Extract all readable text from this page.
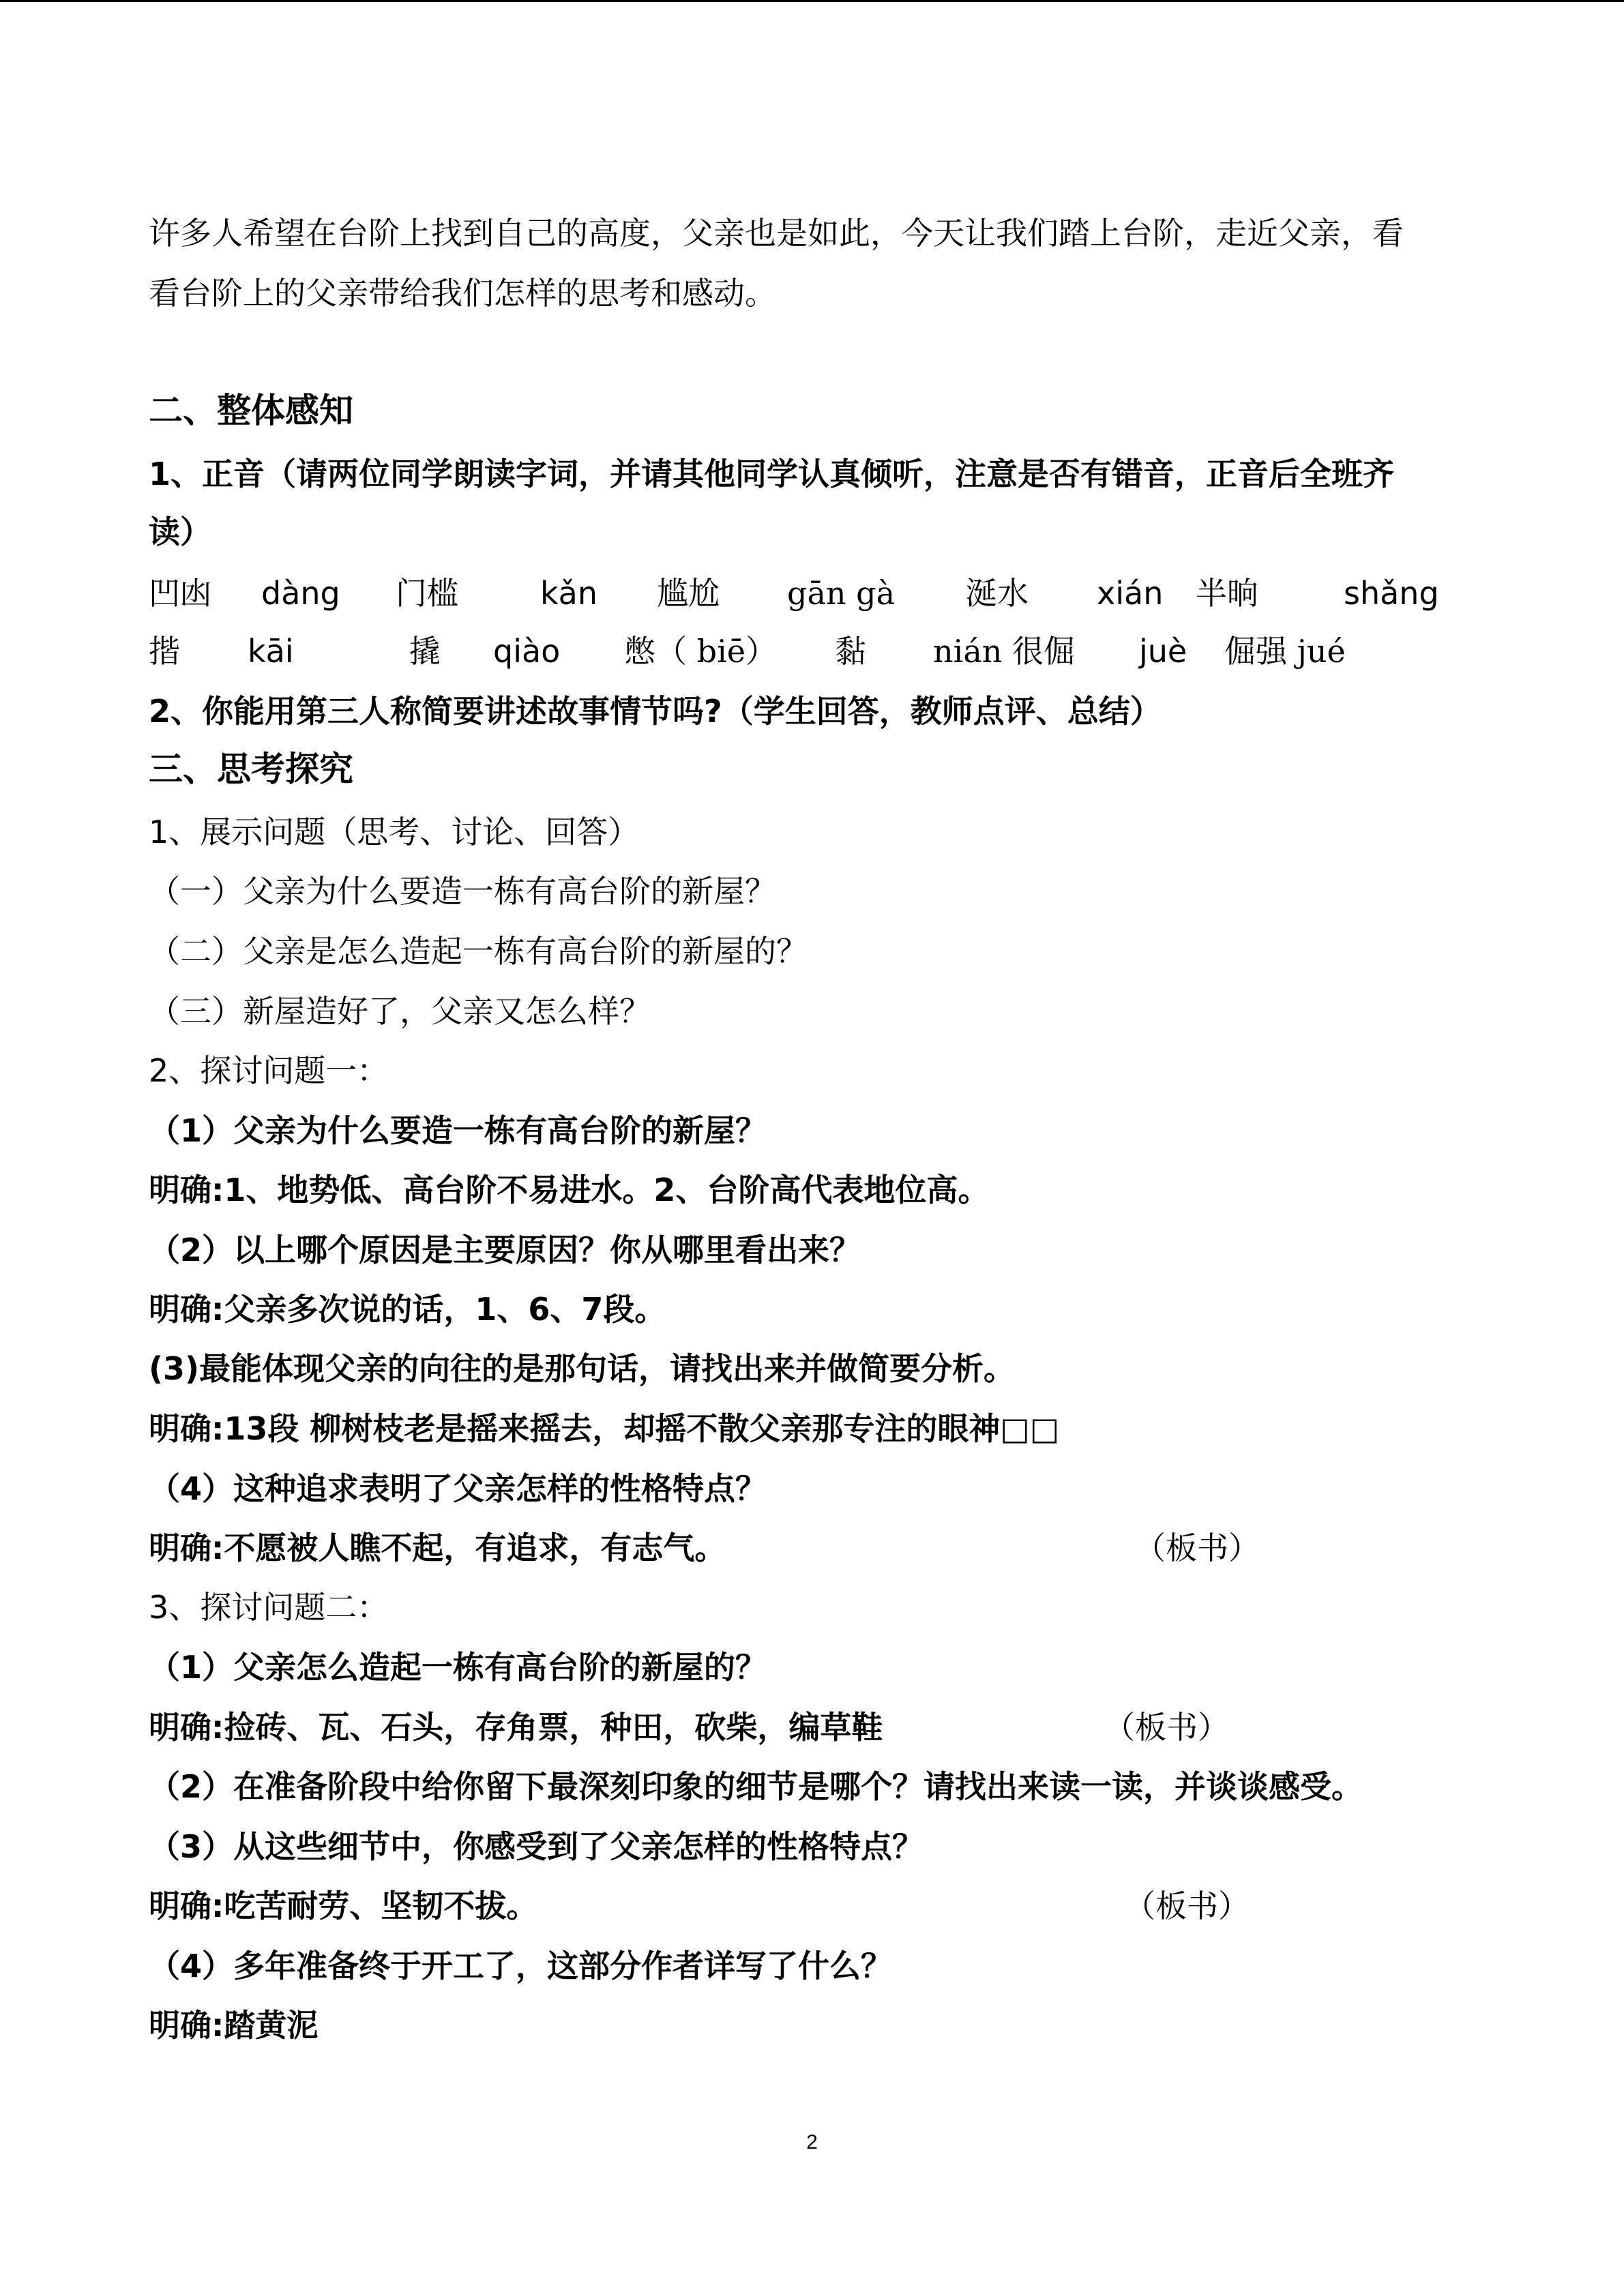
许多人希望在台阶上找到自己的高度，父亲也是如此，今天让我们踏上台阶，走近父亲，看
看台阶上的父亲带给我们怎样的思考和感动。
二、整体感知
1、正音（请两位同学朗读字词，并请其他同学认真倾听，注意是否有错音，正音后全班齐
读）
凹凼 dàng 门槛	kǎn 尴尬 gān gà 涎水 xián 半晌	shǎng
揩 kāi	撬 qiào 憋（ biē） 黏 nián 很倔 juè 倔强 jué
2、你能用第三人称简要讲述故事情节吗?（学生回答，教师点评、总结）
三、思考探究
1、展示问题（思考、讨论、回答）
（一）父亲为什么要造一栋有高台阶的新屋？
（二）父亲是怎么造起一栋有高台阶的新屋的？
（三）新屋造好了，父亲又怎么样？
2、探讨问题一：
（1）父亲为什么要造一栋有高台阶的新屋？
明确:1、地势低、高台阶不易进水。2、台阶高代表地位高。
（2）以上哪个原因是主要原因？你从哪里看出来？
明确:父亲多次说的话，1、6、7段。
(3)最能体现父亲的向往的是那句话，请找出来并做简要分析。
明确:13段 柳树枝老是摇来摇去，却摇不散父亲那专注的眼神□□
（4）这种追求表明了父亲怎样的性格特点？
明确:不愿被人瞧不起，有追求，有志气。	（板书）
3、探讨问题二：
（1）父亲怎么造起一栋有高台阶的新屋的？
明确:捡砖、瓦、石头，存角票，种田，砍柴，编草鞋	（板书）
（2）在准备阶段中给你留下最深刻印象的细节是哪个？请找出来读一读，并谈谈感受。
（3）从这些细节中，你感受到了父亲怎样的性格特点？
明确:吃苦耐劳、坚韧不拔。	（板书）
（4）多年准备终于开工了，这部分作者详写了什么？
明确:踏黄泥
2
